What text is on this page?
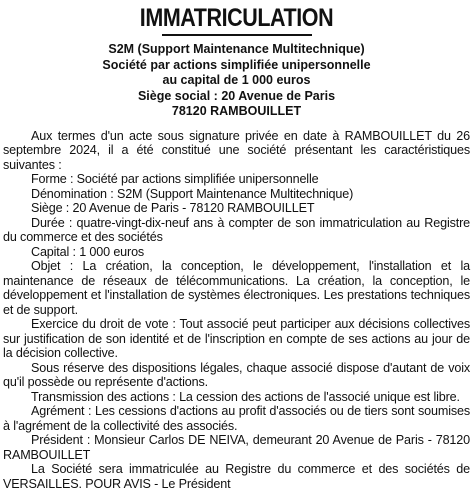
IMMATRICULATION
S2M (Support Maintenance Multitechnique)
Société par actions simplifiée unipersonnelle
au capital de 1 000 euros
Siège social : 20 Avenue de Paris
78120 RAMBOUILLET

Aux termes d'un acte sous signature privée en date à RAMBOUILLET du 26 septembre 2024, il a été constitué une société présentant les caractéristiques suivantes :

Forme : Société par actions simplifiée unipersonnelle

Dénomination : S2M (Support Maintenance Multitechnique)

Siège : 20 Avenue de Paris - 78120 RAMBOUILLET

Durée : quatre-vingt-dix-neuf ans à compter de son immatriculation au Registre du commerce et des sociétés

Capital : 1 000 euros

Objet : La création, la conception, le développement, l'installation et la maintenance de réseaux de télécommunications. La création, la conception, le développement et l'installation de systèmes électroniques. Les prestations techniques et de support.

Exercice du droit de vote : Tout associé peut participer aux décisions collectives sur justification de son identité et de l'inscription en compte de ses actions au jour de la décision collective.

Sous réserve des dispositions légales, chaque associé dispose d'autant de voix qu'il possède ou représente d'actions.

Transmission des actions : La cession des actions de l'associé unique est libre.

Agrément : Les cessions d'actions au profit d'associés ou de tiers sont soumises à l'agrément de la collectivité des associés.

Président : Monsieur Carlos DE NEIVA, demeurant 20 Avenue de Paris - 78120 RAMBOUILLET

La Société sera immatriculée au Registre du commerce et des sociétés de VERSAILLES. POUR AVIS - Le Président
